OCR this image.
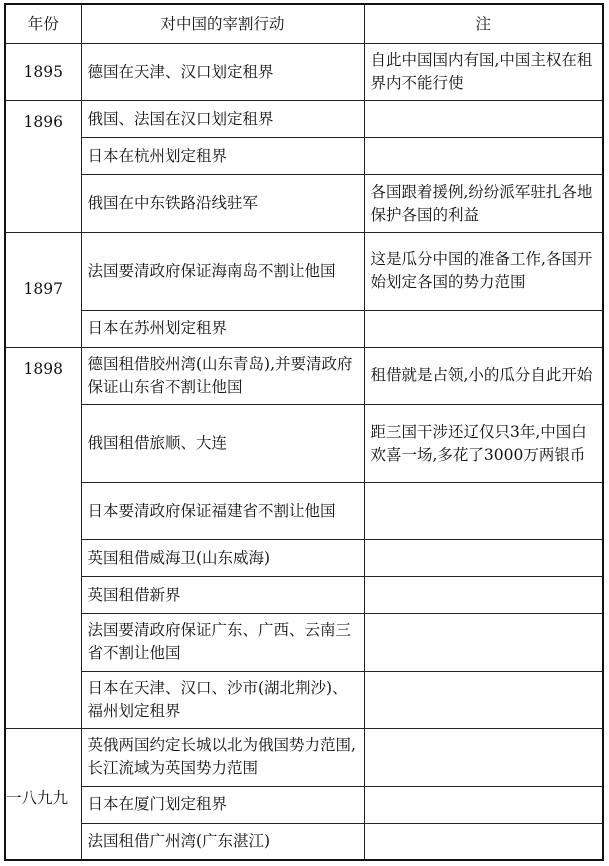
年份	对中国的宰割行动	注
1895	德国在天津、汉口划定租界	自此中国国内有国,中国主权在租界内不能行使
1896	俄国、法国在汉口划定租界	
	日本在杭州划定租界	
	俄国在中东铁路沿线驻军	各国跟着援例,纷纷派军驻扎各地保护各国的利益
1897	法国要清政府保证海南岛不割让他国	这是瓜分中国的准备工作,各国开始划定各国的势力范围
	日本在苏州划定租界	
1898	德国租借胶州湾(山东青岛),并要清政府保证山东省不割让他国	租借就是占领,小的瓜分自此开始
	俄国租借旅顺、大连	距三国干涉还辽仅只3年,中国白欢喜一场,多花了3000万两银币
	日本要清政府保证福建省不割让他国	
	英国租借威海卫(山东威海)	
	英国租借新界	
	法国要清政府保证广东、广西、云南三省不割让他国	
	日本在天津、汉口、沙市(湖北荆沙)、福州划定租界	
一八九九	英俄两国约定长城以北为俄国势力范围,长江流域为英国势力范围	
	日本在厦门划定租界	
	法国租借广州湾(广东湛江)	
